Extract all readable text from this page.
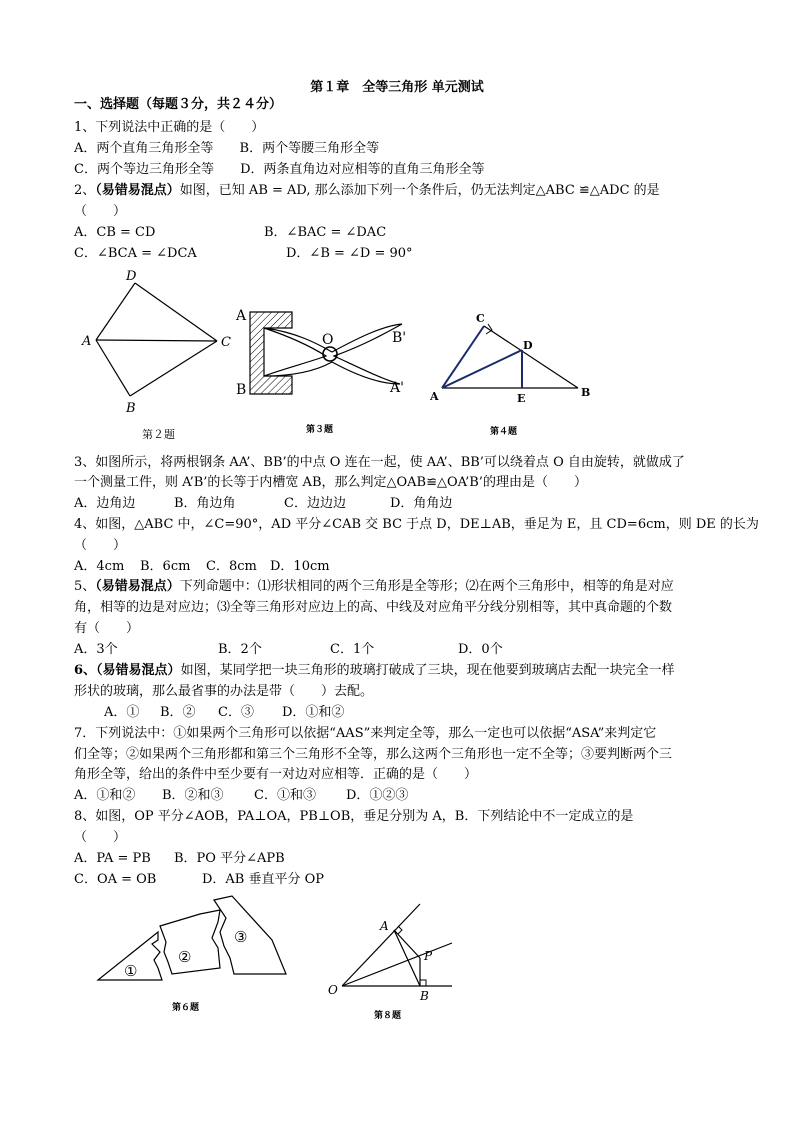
第１章　全等三角形 单元测试
一、选择题（每题３分，共２４分）
1、下列说法中正确的是（　　）
A．两个直角三角形全等 B．两个等腰三角形全等
C．两个等边三角形全等 D．两条直角边对应相等的直角三角形全等
2、（易错易混点）如图，已知 AB = AD, 那么添加下列一个条件后，仍无法判定△ABC ≌△ADC 的是
（　　）
A．CB = CD	B．∠BAC = ∠DAC
C．∠BCA = ∠DCA	D．∠B = ∠D = 90°
D
A	C
B
第２题
A
B
O	B'
A'
第３题
C
D
A	B
E
第４题
3、如图所示，将两根钢条 AA’、BB’的中点 O 连在一起，使 AA’、BB’可以绕着点 O 自由旋转，就做成了
一个测量工件，则 A’B’的长等于内槽宽 AB，那么判定△OAB≌△OA’B’的理由是（　　）
A．边角边	B．角边角	C．边边边	D．角角边
4、如图，△ABC 中，∠C=90°，AD 平分∠CAB 交 BC 于点 D，DE⊥AB，垂足为 E，且 CD=6cm，则 DE 的长为
（　　）
A．4cm B．6cm C．8cm D．10cm
5、（易错易混点）下列命题中：⑴形状相同的两个三角形是全等形；⑵在两个三角形中，相等的角是对应
角，相等的边是对应边；⑶全等三角形对应边上的高、中线及对应角平分线分别相等，其中真命题的个数
有（　　）
A．3个	B．2个	C．1个	D．0个
6、（易错易混点）如图，某同学把一块三角形的玻璃打破成了三块，现在他要到玻璃店去配一块完全一样
形状的玻璃，那么最省事的办法是带（　　）去配。
A．① B．② C．③ D．①和②
7．下列说法中：①如果两个三角形可以依据“AAS”来判定全等，那么一定也可以依据“ASA”来判定它
们全等；②如果两个三角形都和第三个三角形不全等，那么这两个三角形也一定不全等；③要判断两个三
角形全等，给出的条件中至少要有一对边对应相等．正确的是（　　）
A．①和② B．②和③ C．①和③ D．①②③
8、如图，OP 平分∠AOB，PA⊥OA，PB⊥OB，垂足分别为 A，B．下列结论中不一定成立的是
（　　）
A．PA = PB B．PO 平分∠APB
C．OA = OB	D．AB 垂直平分 OP
①
②
③
第６题
A
P
O	B
第８题
